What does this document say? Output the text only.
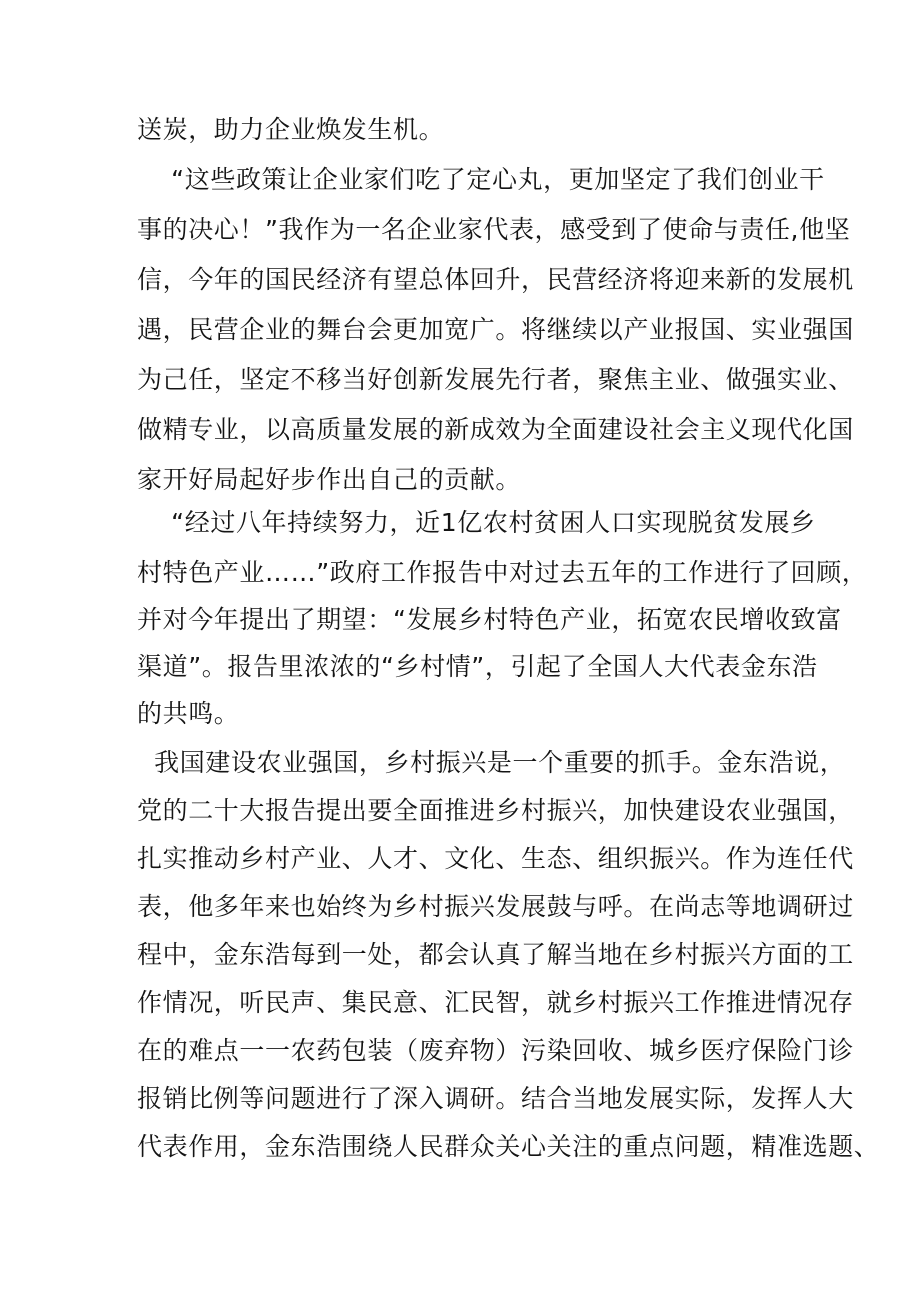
送炭，助力企业焕发生机。
“这些政策让企业家们吃了定心丸，更加坚定了我们创业干
事的决心！”我作为一名企业家代表，感受到了使命与责任,他坚
信，今年的国民经济有望总体回升，民营经济将迎来新的发展机
遇，民营企业的舞台会更加宽广。将继续以产业报国、实业强国
为己任，坚定不移当好创新发展先行者，聚焦主业、做强实业、
做精专业，以高质量发展的新成效为全面建设社会主义现代化国
家开好局起好步作出自己的贡献。
“经过八年持续努力，近1亿农村贫困人口实现脱贫发展乡
村特色产业……”政府工作报告中对过去五年的工作进行了回顾，
并对今年提出了期望：“发展乡村特色产业，拓宽农民增收致富
渠道”。报告里浓浓的“乡村情”，引起了全国人大代表金东浩
的共鸣。
我国建设农业强国，乡村振兴是一个重要的抓手。金东浩说，
党的二十大报告提出要全面推进乡村振兴，加快建设农业强国，
扎实推动乡村产业、人才、文化、生态、组织振兴。作为连任代
表，他多年来也始终为乡村振兴发展鼓与呼。在尚志等地调研过
程中，金东浩每到一处，都会认真了解当地在乡村振兴方面的工
作情况，听民声、集民意、汇民智，就乡村振兴工作推进情况存
在的难点一一农药包装（废弃物）污染回收、城乡医疗保险门诊
报销比例等问题进行了深入调研。结合当地发展实际，发挥人大
代表作用，金东浩围绕人民群众关心关注的重点问题，精准选题、
